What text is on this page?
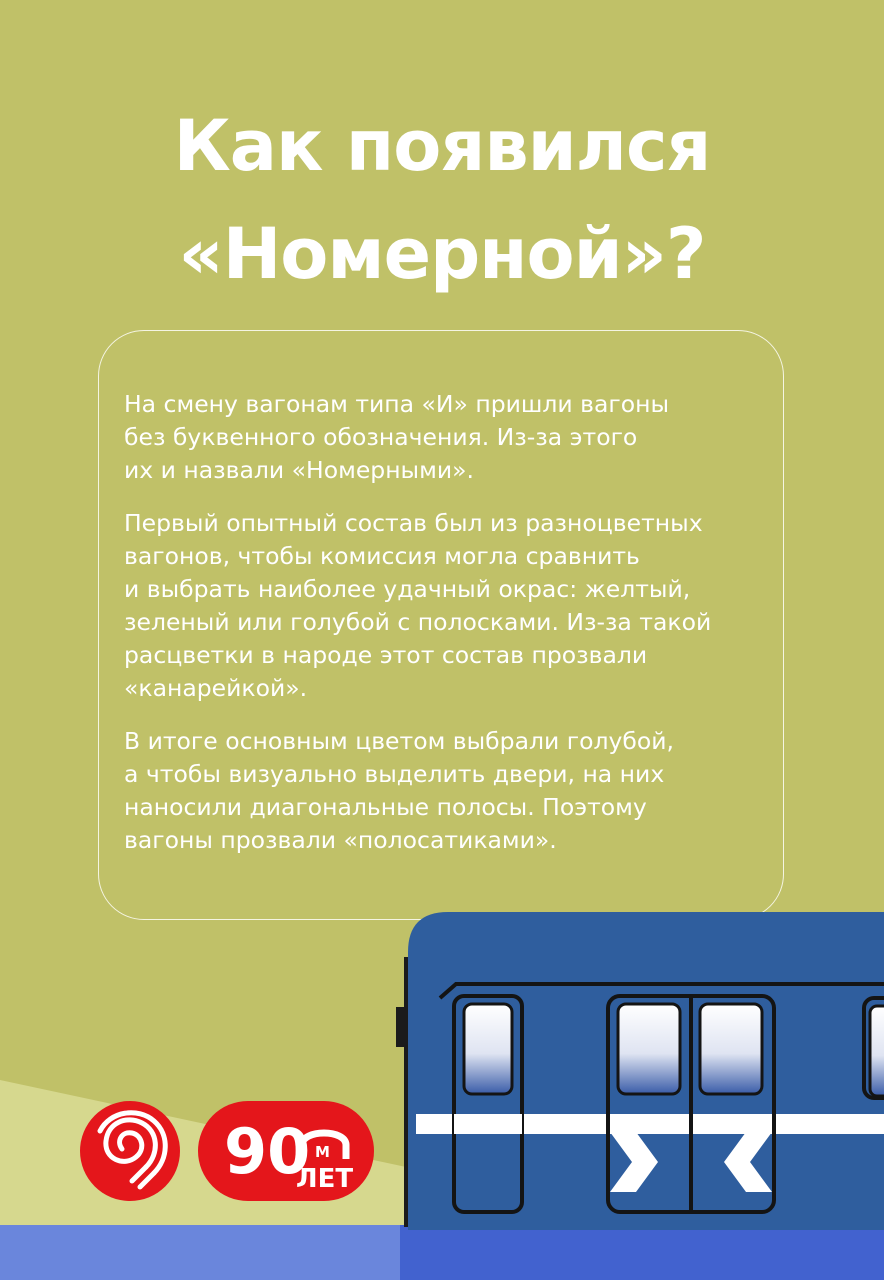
Как появился
«Номерной»?

На смену вагонам типа «И» пришли вагоны
без буквенного обозначения. Из-за этого
их и назвали «Номерными».

Первый опытный состав был из разноцветных
вагонов, чтобы комиссия могла сравнить
и выбрать наиболее удачный окрас: желтый,
зеленый или голубой с полосками. Из-за такой
расцветки в народе этот состав прозвали
«канарейкой».

В итоге основным цветом выбрали голубой,
а чтобы визуально выделить двери, на них
наносили диагональные полосы. Поэтому
вагоны прозвали «полосатиками».

90 М
ЛЕТ
